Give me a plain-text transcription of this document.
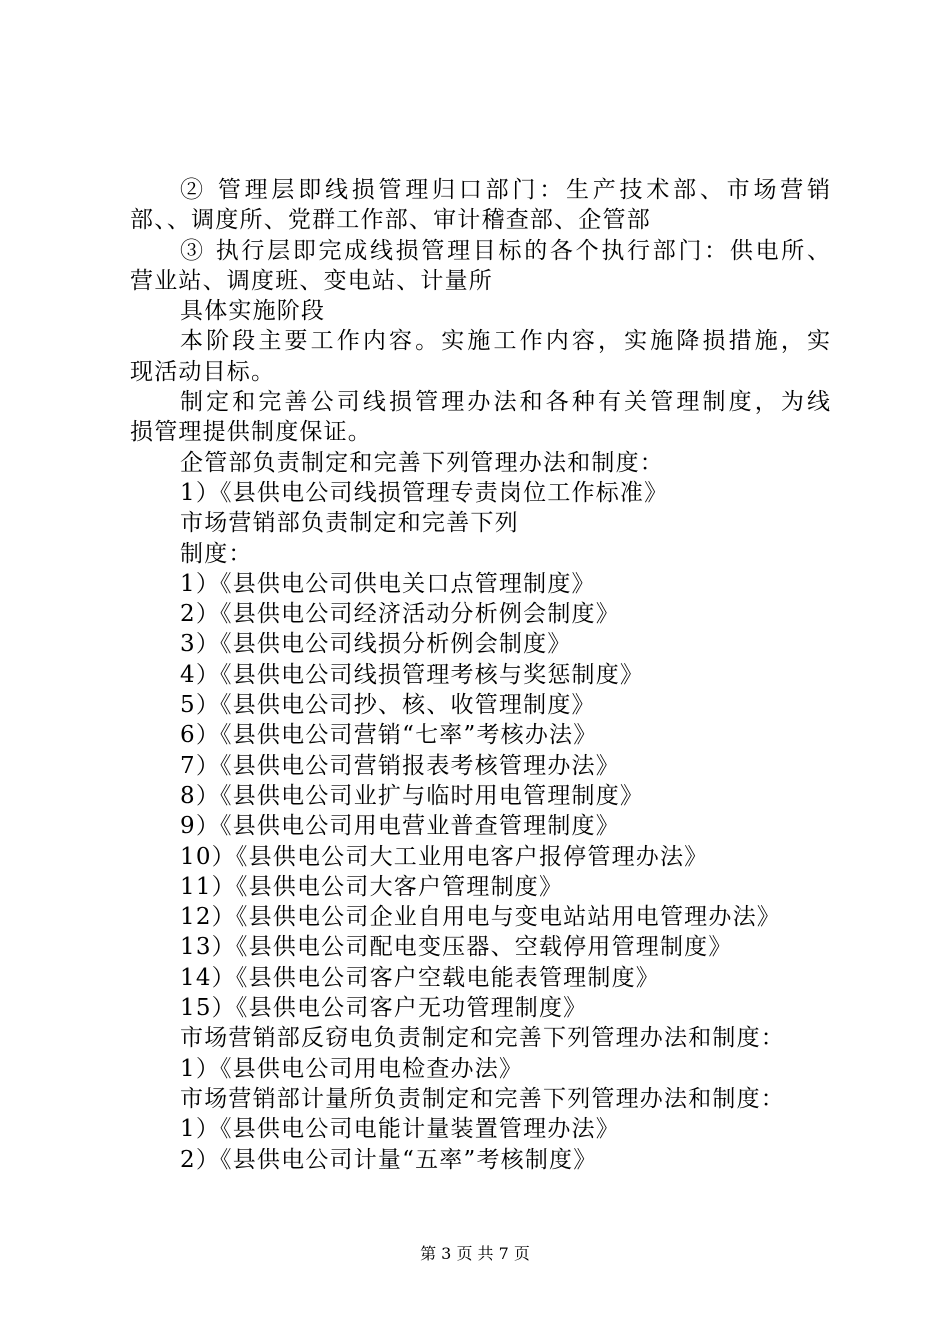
② 管理层即线损管理归口部门：生产技术部、市场营销
部、、调度所、党群工作部、审计稽查部、企管部
③ 执行层即完成线损管理目标的各个执行部门：供电所、
营业站、调度班、变电站、计量所
具体实施阶段
本阶段主要工作内容。实施工作内容，实施降损措施，实
现活动目标。
制定和完善公司线损管理办法和各种有关管理制度，为线
损管理提供制度保证。
企管部负责制定和完善下列管理办法和制度：
1）《县供电公司线损管理专责岗位工作标准》
市场营销部负责制定和完善下列
制度：
1）《县供电公司供电关口点管理制度》
2）《县供电公司经济活动分析例会制度》
3）《县供电公司线损分析例会制度》
4）《县供电公司线损管理考核与奖惩制度》
5）《县供电公司抄、核、收管理制度》
6）《县供电公司营销“七率”考核办法》
7）《县供电公司营销报表考核管理办法》
8）《县供电公司业扩与临时用电管理制度》
9）《县供电公司用电营业普查管理制度》
10）《县供电公司大工业用电客户报停管理办法》
11）《县供电公司大客户管理制度》
12）《县供电公司企业自用电与变电站站用电管理办法》
13）《县供电公司配电变压器、空载停用管理制度》
14）《县供电公司客户空载电能表管理制度》
15）《县供电公司客户无功管理制度》
市场营销部反窃电负责制定和完善下列管理办法和制度：
1）《县供电公司用电检查办法》
市场营销部计量所负责制定和完善下列管理办法和制度：
1）《县供电公司电能计量装置管理办法》
2）《县供电公司计量“五率”考核制度》
第 3 页 共 7 页
